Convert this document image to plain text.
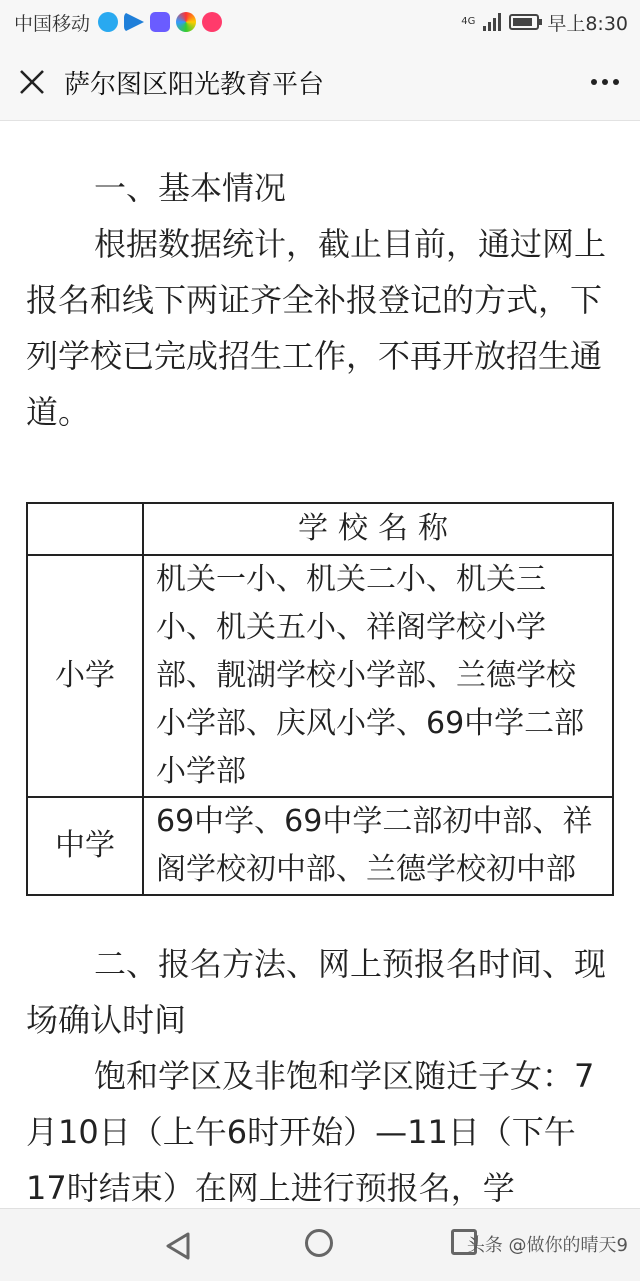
中国移动	4G	早上8:30
萨尔图区阳光教育平台

一、基本情况

根据数据统计，截止目前，通过网上报名和线下两证齐全补报登记的方式，下列学校已完成招生工作，不再开放招生通道。

	学校名称
小学	机关一小、机关二小、机关三小、机关五小、祥阁学校小学部、靓湖学校小学部、兰德学校小学部、庆风小学、69中学二部小学部
中学	69中学、69中学二部初中部、祥阁学校初中部、兰德学校初中部

二、报名方法、网上预报名时间、现场确认时间

饱和学区及非饱和学区随迁子女：7月10日（上午6时开始）—11日（下午17时结束）在网上进行预报名，学

头条 @做你的晴天9
